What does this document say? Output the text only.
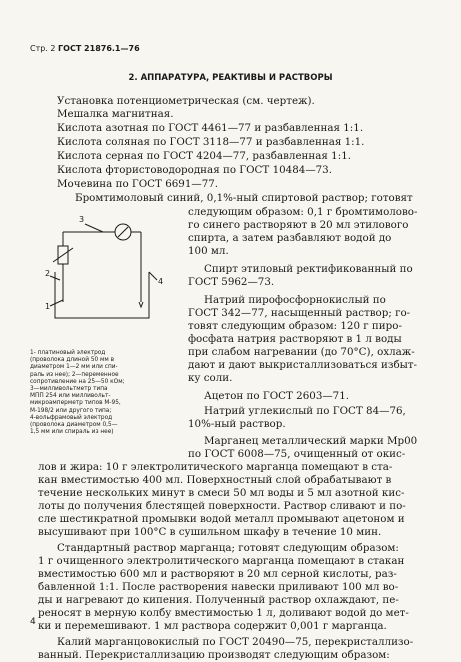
Стр. 2 ГОСТ 21876.1—76
2. АППАРАТУРА, РЕАКТИВЫ И РАСТВОРЫ
Установка потенциометрическая (см. чертеж).
Мешалка магнитная.
Кислота азотная по ГОСТ 4461—77 и разбавленная 1:1.
Кислота соляная по ГОСТ 3118—77 и разбавленная 1:1.
Кислота серная по ГОСТ 4204—77, разбавленная 1:1.
Кислота фтористоводородная по ГОСТ 10484—73.
Мочевина по ГОСТ 6691—77.
Бромтимоловый синий, 0,1%-ный спиртовой раствор; готовят
следующим образом: 0,1 г бромтимолово-
го синего растворяют в 20 мл этилового
спирта, а затем разбавляют водой до
100 мл.
Спирт этиловый ректификованный по
ГОСТ 5962—73.
Натрий пирофосфорнокислый по
ГОСТ 342—77, насыщенный раствор; го-
товят следующим образом: 120 г пиро-
фосфата натрия растворяют в 1 л воды
при слабом нагревании (до 70°С), охлаж-
дают и дают выкристаллизоваться избыт-
ку соли.
Ацетон по ГОСТ 2603—71.
Натрий углекислый по ГОСТ 84—76,
10%-ный раствор.
Марганец металлический марки Мр00
по ГОСТ 6008—75, очищенный от окис-
лов и жира: 10 г электролитического марганца помещают в ста-
кан вместимостью 400 мл. Поверхностный слой обрабатывают в
течение нескольких минут в смеси 50 мл воды и 5 мл азотной кис-
лоты до получения блестящей поверхности. Раствор сливают и по-
сле шестикратной промывки водой металл промывают ацетоном и
высушивают при 100°С в сушильном шкафу в течение 10 мин.
Стандартный раствор марганца; готовят следующим образом:
1 г очищенного электролитического марганца помещают в стакан
вместимостью 600 мл и растворяют в 20 мл серной кислоты, раз-
бавленной 1:1. После растворения навески приливают 100 мл во-
ды и нагревают до кипения. Полученный раствор охлаждают, пе-
реносят в мерную колбу вместимостью 1 л, доливают водой до мет-
ки и перемешивают. 1 мл раствора содержит 0,001 г марганца.
Калий марганцовокислый по ГОСТ 20490—75, перекристаллизо-
ванный. Перекристаллизацию производят следующим образом:
3
2
1
4
1- платиновый электрод
(проволока длиной 50 мм в
диаметром 1—2 мм или спи-
раль из нее); 2—переменное
сопротивление на 25—50 кОм;
3—милливольтметр типа
МПП 254 или милливольт-
микроамперметр типов М-95,
М-198/2 или другого типа;
4-вольфрамовый электрод
(проволока диаметром 0,5—
1,5 мм или спираль из нее)
4
